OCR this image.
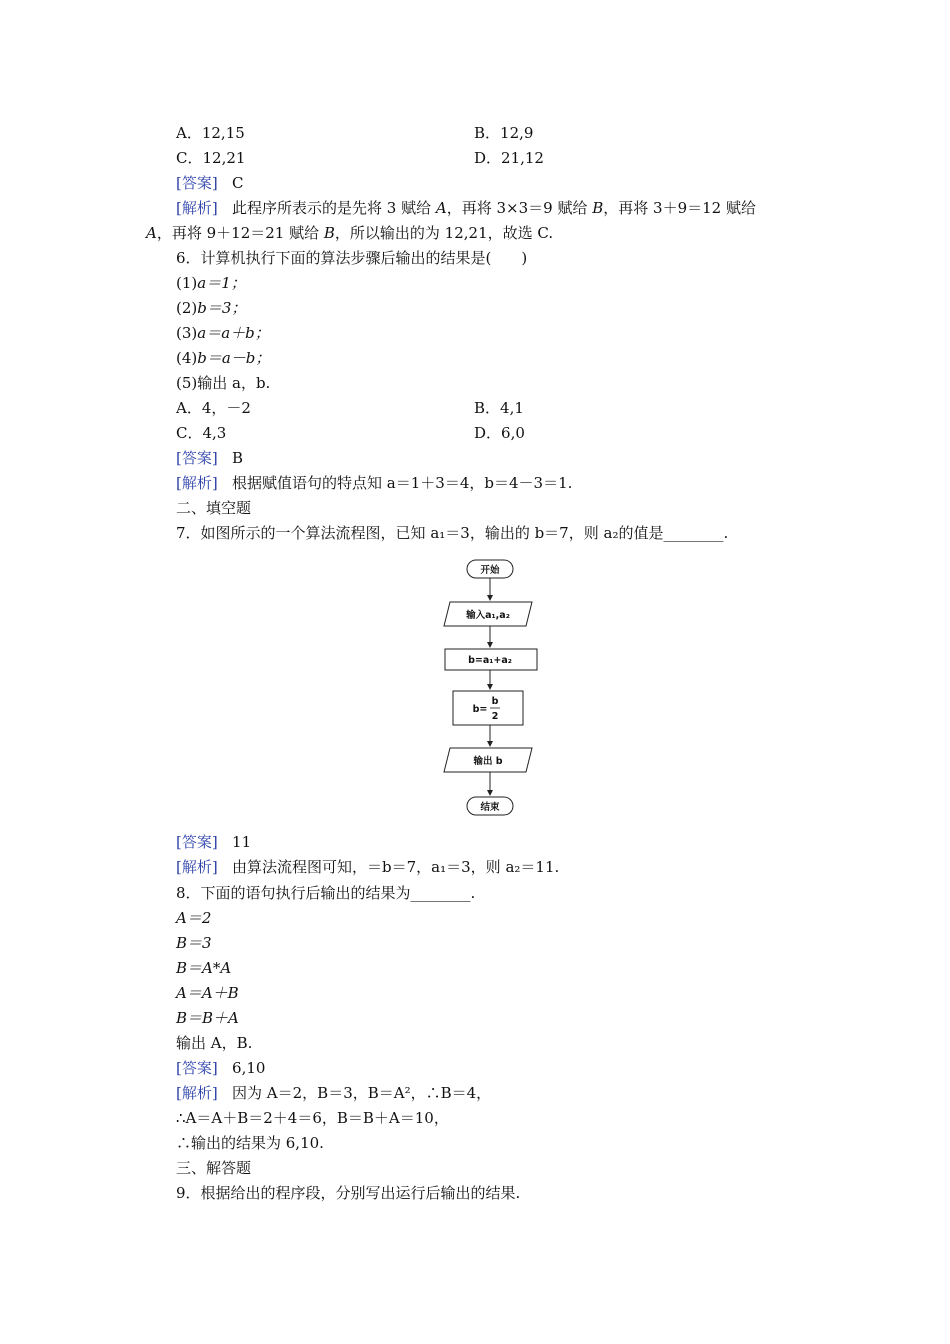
A．12,15	B．12,9
C．12,21	D．21,12
[答案] C
[解析] 此程序所表示的是先将 3 赋给 A，再将 3×3＝9 赋给 B，再将 3＋9＝12 赋给
A，再将 9＋12＝21 赋给 B，所以输出的为 12,21，故选 C.
6．计算机执行下面的算法步骤后输出的结果是(　　)
(1)a＝1；
(2)b＝3；
(3)a＝a＋b；
(4)b＝a－b；
(5)输出 a，b.
A．4，－2	B．4,1
C．4,3	D．6,0
[答案] B
[解析] 根据赋值语句的特点知 a＝1＋3＝4，b＝4－3＝1.
二、填空题
7．如图所示的一个算法流程图，已知 a₁＝3，输出的 b＝7，则 a₂的值是________.
开始
输入a₁,a₂
b=a₁+a₂
b=
b
2
输出 b
结束
[答案] 11
[解析] 由算法流程图可知，＝b＝7，a₁＝3，则 a₂＝11.
8．下面的语句执行后输出的结果为________.
A＝2
B＝3
B＝A*A
A＝A＋B
B＝B＋A
输出 A，B.
[答案] 6,10
[解析] 因为 A＝2，B＝3，B＝A²，∴B＝4，
∴A＝A＋B＝2＋4＝6，B＝B＋A＝10，
∴输出的结果为 6,10.
三、解答题
9．根据给出的程序段，分别写出运行后输出的结果.
